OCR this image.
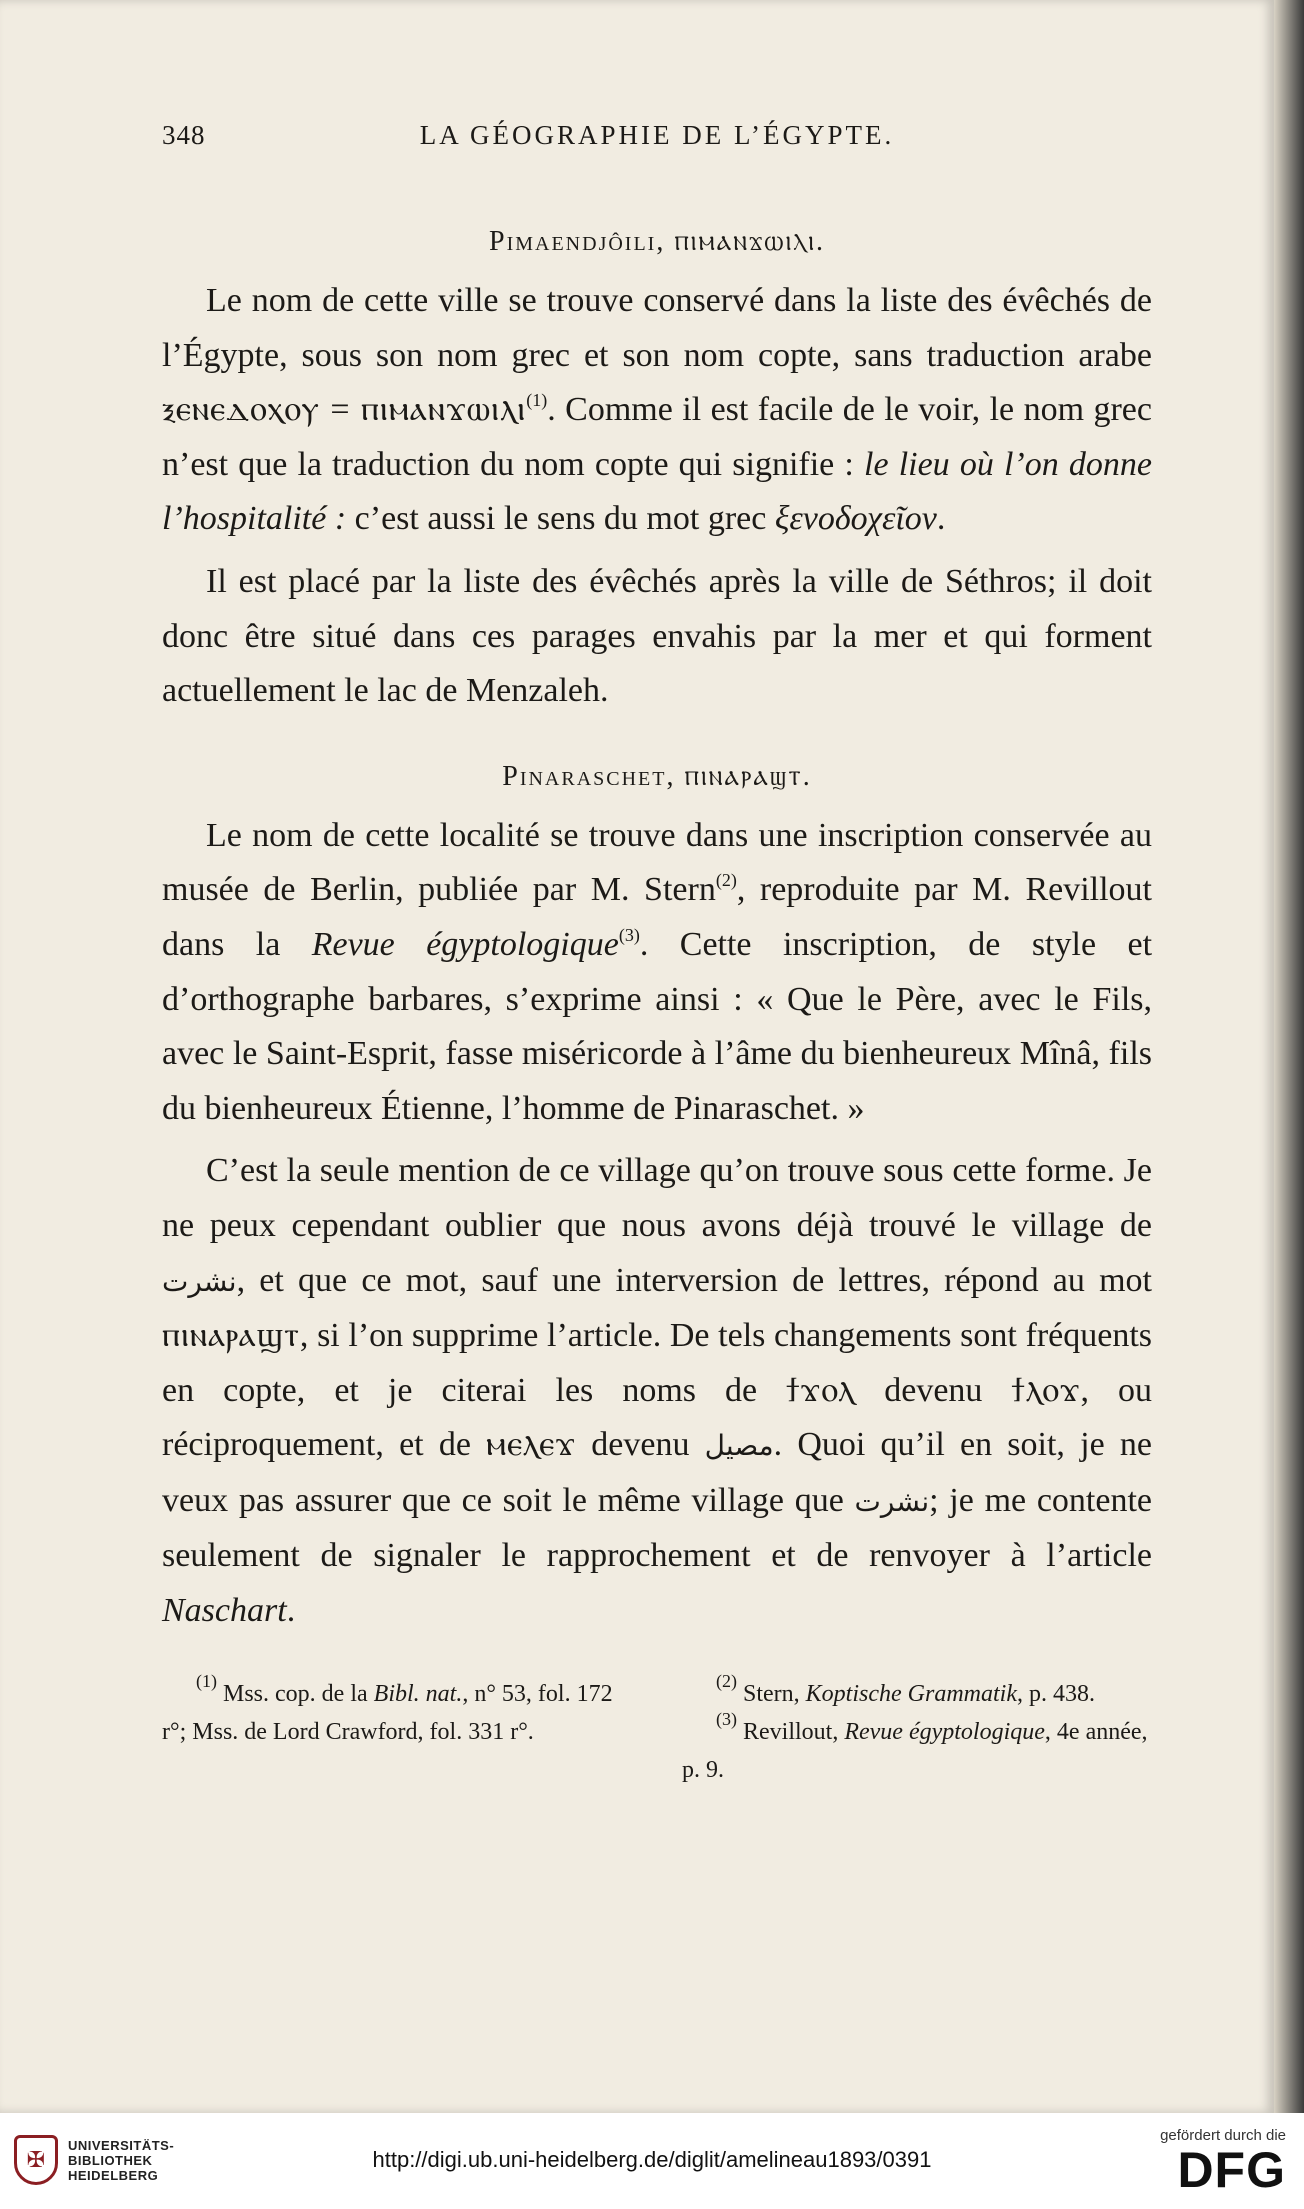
348	LA GÉOGRAPHIE DE L’ÉGYPTE.
Pimaendjôili, ⲡⲓⲙⲁⲛϫⲱⲓⲗⲓ.

Le nom de cette ville se trouve conservé dans la liste des évêchés de l’Égypte, sous son nom grec et son nom copte, sans traduction arabe ⲝⲉⲛⲉⲇⲟⲭⲟⲩ = ⲡⲓⲙⲁⲛϫⲱⲓⲗⲓ$^{(1)}$. Comme il est facile de le voir, le nom grec n’est que la traduction du nom copte qui signifie : le lieu où l’on donne l’hospitalité : c’est aussi le sens du mot grec ξενοδοχεῖον.

Il est placé par la liste des évêchés après la ville de Séthros; il doit donc être situé dans ces parages envahis par la mer et qui forment actuellement le lac de Menzaleh.

Pinaraschet, ⲡⲓⲛⲁⲣⲁϣⲧ.

Le nom de cette localité se trouve dans une inscription conservée au musée de Berlin, publiée par M. Stern$^{(2)}$, reproduite par M. Revillout dans la Revue égyptologique$^{(3)}$. Cette inscription, de style et d’orthographe barbares, s’exprime ainsi : « Que le Père, avec le Fils, avec le Saint-Esprit, fasse miséricorde à l’âme du bienheureux Mînâ, fils du bienheureux Étienne, l’homme de Pinaraschet. »

C’est la seule mention de ce village qu’on trouve sous cette forme. Je ne peux cependant oublier que nous avons déjà trouvé le village de نشرت, et que ce mot, sauf une interversion de lettres, répond au mot ⲡⲓⲛⲁⲣⲁϣⲧ, si l’on supprime l’article. De tels changements sont fréquents en copte, et je citerai les noms de ϯϫⲟⲗ devenu ϯⲗⲟϫ, ou réciproquement, et de ⲙⲉⲗⲉϫ devenu مصيل. Quoi qu’il en soit, je ne veux pas assurer que ce soit le même village que نشرت; je me contente seulement de signaler le rapprochement et de renvoyer à l’article Naschart.

$^{(1)}$ Mss. cop. de la Bibl. nat., n° 53, fol. 172 r°; Mss. de Lord Crawford, fol. 331 r°.
$^{(2)}$ Stern, Koptische Grammatik, p. 438.
$^{(3)}$ Revillout, Revue égyptologique, 4e année, p. 9.
✠
UNIVERSITÄTS-
BIBLIOTHEK
HEIDELBERG
http://digi.ub.uni-heidelberg.de/diglit/amelineau1893/0391
gefördert durch die
DFG
